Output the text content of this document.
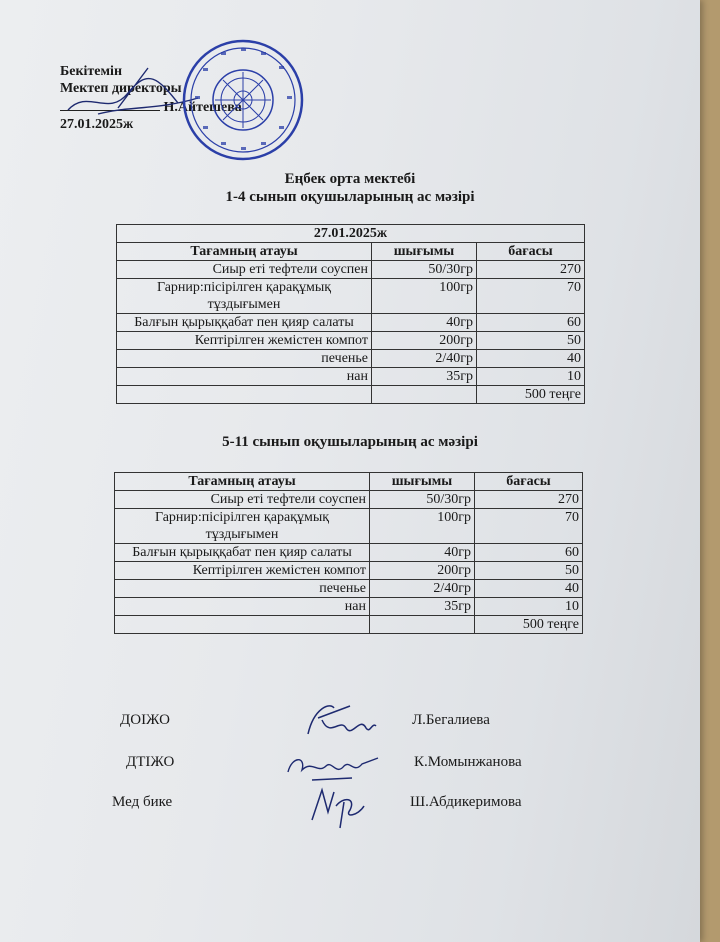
Бекітемін
Мектеп директоры
Н.Айтешева
27.01.2025ж
Еңбек орта мектебі
1-4 сынып оқушыларының ас мәзірі
27.01.2025ж		
Тағамның атауы	шығымы	бағасы
Сиыр еті тефтели соуспен	50/30гр	270
Гарнир:пісірілген қарақұмық тұздығымен	100гр	70
Балғын қырыққабат пен қияр салаты	40гр	60
Кептірілген жемістен компот	200гр	50
печенье	2/40гр	40
нан	35гр	10
		500 теңге
5-11 сынып оқушыларының ас мәзірі
Тағамның атауы	шығымы	бағасы
Сиыр еті тефтели соуспен	50/30гр	270
Гарнир:пісірілген қарақұмық тұздығымен	100гр	70
Балғын қырыққабат пен қияр салаты	40гр	60
Кептірілген жемістен компот	200гр	50
печенье	2/40гр	40
нан	35гр	10
		500 теңге
ДОІЖО	Л.Бегалиева
ДТІЖО	К.Момынжанова
Мед бике	Ш.Абдикеримова
